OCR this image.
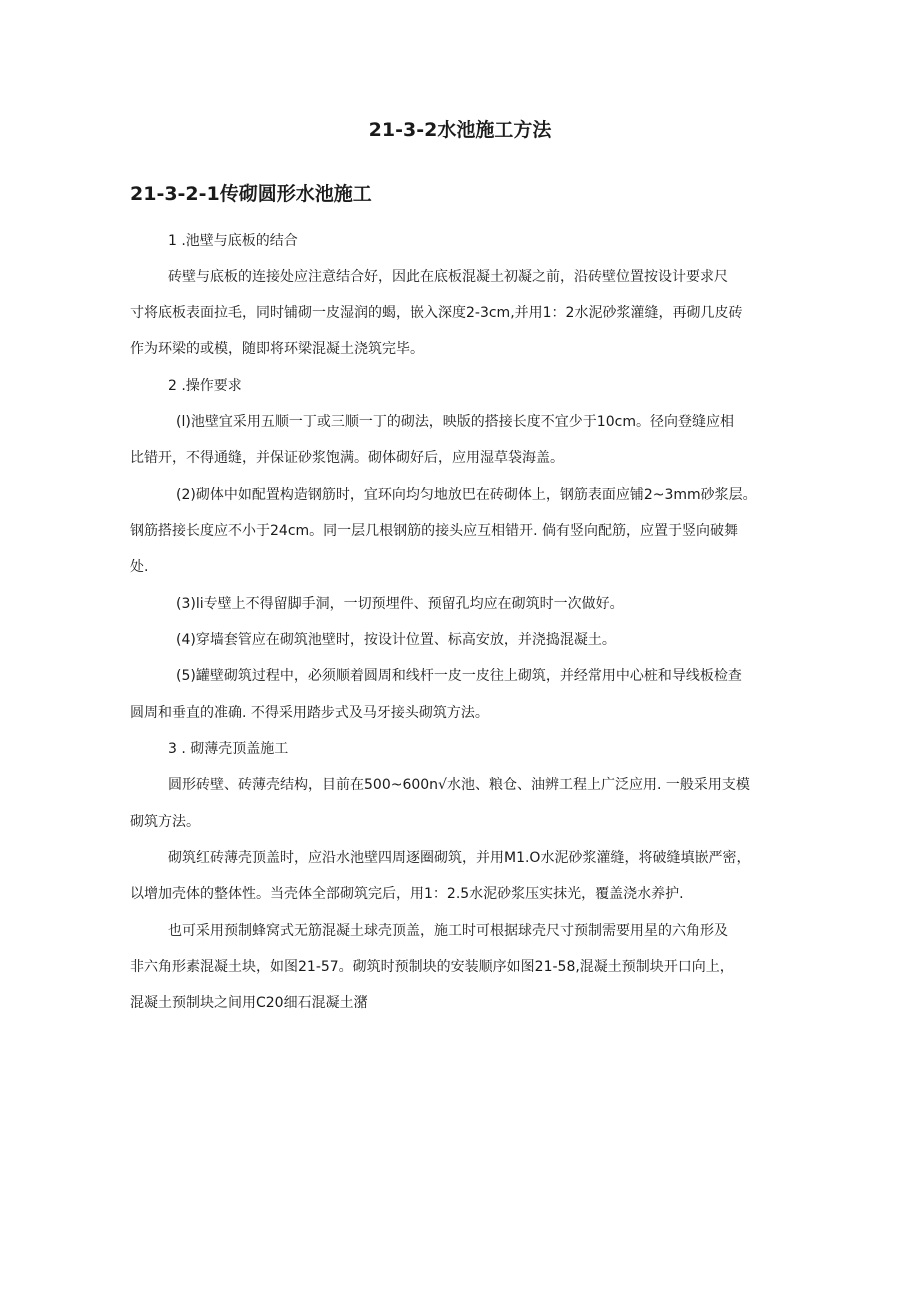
21-3-2水池施工方法
21-3-2-1传砌圆形水池施工

1 .池壁与底板的结合

砖壁与底板的连接处应注意结合好，因此在底板混凝土初凝之前，沿砖壁位置按设计要求尺

寸将底板表面拉毛，同时铺砌一皮湿润的蝎，嵌入深度2-3cm,并用1：2水泥砂浆灌缝，再砌几皮砖

作为环梁的或模，随即将环梁混凝土浇筑完毕。

2 .操作要求

(l)池壁宜采用五顺一丁或三顺一丁的砌法，映版的搭接长度不宜少于10cm。径向登缝应相

比错开，不得通缝，并保证砂浆饱满。砌体砌好后，应用湿草袋海盖。

(2)砌体中如配置构造钢筋时，宜环向均匀地放巴在砖砌体上，钢筋表面应铺2~3mm砂浆层。

钢筋搭接长度应不小于24cm。同一层几根钢筋的接头应互相错开. 倘有竖向配筋，应置于竖向破舞

处.

(3)li专壁上不得留脚手洞，一切预埋件、预留孔均应在砌筑时一次做好。

(4)穿墙套管应在砌筑池壁时，按设计位置、标高安放，并浇捣混凝土。

(5)罐壁砌筑过程中，必须顺着圆周和线杆一皮一皮往上砌筑，并经常用中心桩和导线板检查

圆周和垂直的准确. 不得采用踏步式及马牙接头砌筑方法。

3 . 砌薄壳顶盖施工

圆形砖壁、砖薄壳结构，目前在500~600n√水池、粮仓、油辨工程上广泛应用. 一般采用支模

砌筑方法。

砌筑红砖薄壳顶盖时，应沿水池壁四周逐圈砌筑，并用M1.O水泥砂浆灌缝，将破缝填嵌严密，

以增加壳体的整体性。当壳体全部砌筑完后，用1：2.5水泥砂浆压实抹光，覆盖浇水养护.

也可采用预制蜂窝式无筋混凝土球壳顶盖，施工时可根据球壳尺寸预制需要用星的六角形及

非六角形素混凝土块，如图21-57。砌筑时预制块的安装顺序如图21-58,混凝土预制块开口向上，

混凝土预制块之间用C20细石混凝土潴
